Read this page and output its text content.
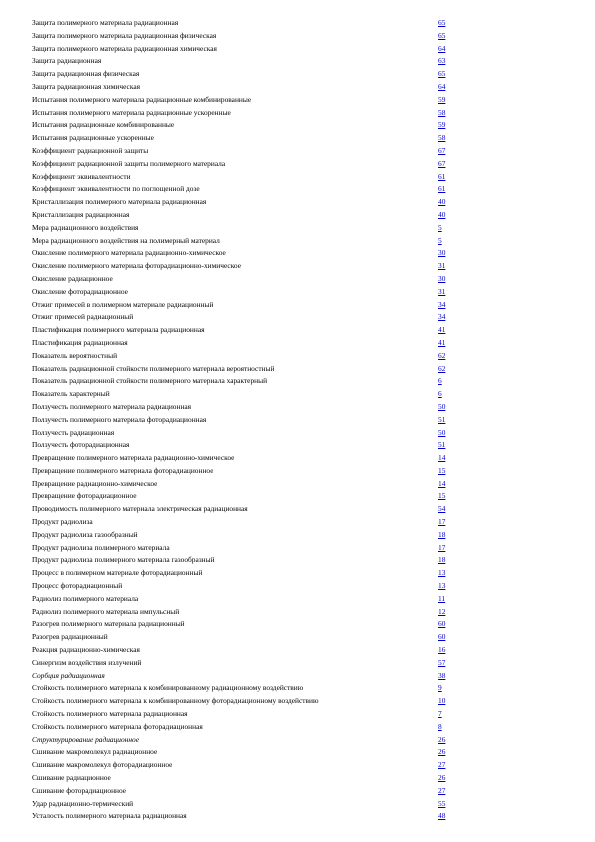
Защита полимерного материала радиационная	65
Защита полимерного материала радиационная физическая	65
Защита полимерного материала радиационная химическая	64
Защита радиационная	63
Защита радиационная физическая	65
Защита радиационная химическая	64
Испытания полимерного материала радиационные комбинированные	59
Испытания полимерного материала радиационные ускоренные	58
Испытания радиационные комбинированные	59
Испытания радиационные ускоренные	58
Коэффициент радиационной защиты	67
Коэффициент радиационной защиты полимерного материала	67
Коэффициент эквивалентности	61
Коэффициент эквивалентности по поглощенной дозе	61
Кристаллизация полимерного материала радиационная	40
Кристаллизация радиационная	40
Мера радиационного воздействия	5
Мера радиационного воздействия на полимерный материал	5
Окисление полимерного материала радиационно-химическое	30
Окисление полимерного материала фоторадиационно-химическое	31
Окисление радиационное	30
Окисление фоторадиационное	31
Отжиг примесей в полимерном материале радиационный	34
Отжиг примесей радиационный	34
Пластификация полимерного материала радиационная	41
Пластификация радиационная	41
Показатель вероятностный	62
Показатель радиационной стойкости полимерного материала вероятностный	62
Показатель радиационной стойкости полимерного материала характерный	6
Показатель характерный	6
Ползучесть полимерного материала радиационная	50
Ползучесть полимерного материала фоторадиационная	51
Ползучесть радиационная	50
Ползучесть фоторадиационная	51
Превращение полимерного материала радиационно-химическое	14
Превращение полимерного материала фоторадиационное	15
Превращение радиационно-химическое	14
Превращение фоторадиационное	15
Проводимость полимерного материала электрическая радиационная	54
Продукт радиолиза	17
Продукт радиолиза газообразный	18
Продукт радиолиза полимерного материала	17
Продукт радиолиза полимерного материала газообразный	18
Процесс в полимерном материале фоторадиационный	13
Процесс фоторадиационный	13
Радиолиз полимерного материала	11
Радиолиз полимерного материала импульсный	12
Разогрев полимерного материала радиационный	60
Разогрев радиационный	60
Реакция радиационно-химическая	16
Синергизм воздействия излучений	57
Сорбция радиационная	38
Стойкость полимерного материала к комбинированному радиационному воздействию	9
Стойкость полимерного материала к комбинированному фоторадиационному воздействию	10
Стойкость полимерного материала радиационная	7
Стойкость полимерного материала фоторадиационная	8
Структурирование радиационное	26
Сшивание макромолекул радиационное	26
Сшивание макромолекул фоторадиационное	27
Сшивание радиационное	26
Сшивание фоторадиационное	27
Удар радиационно-термический	55
Усталость полимерного материала радиационная	48
